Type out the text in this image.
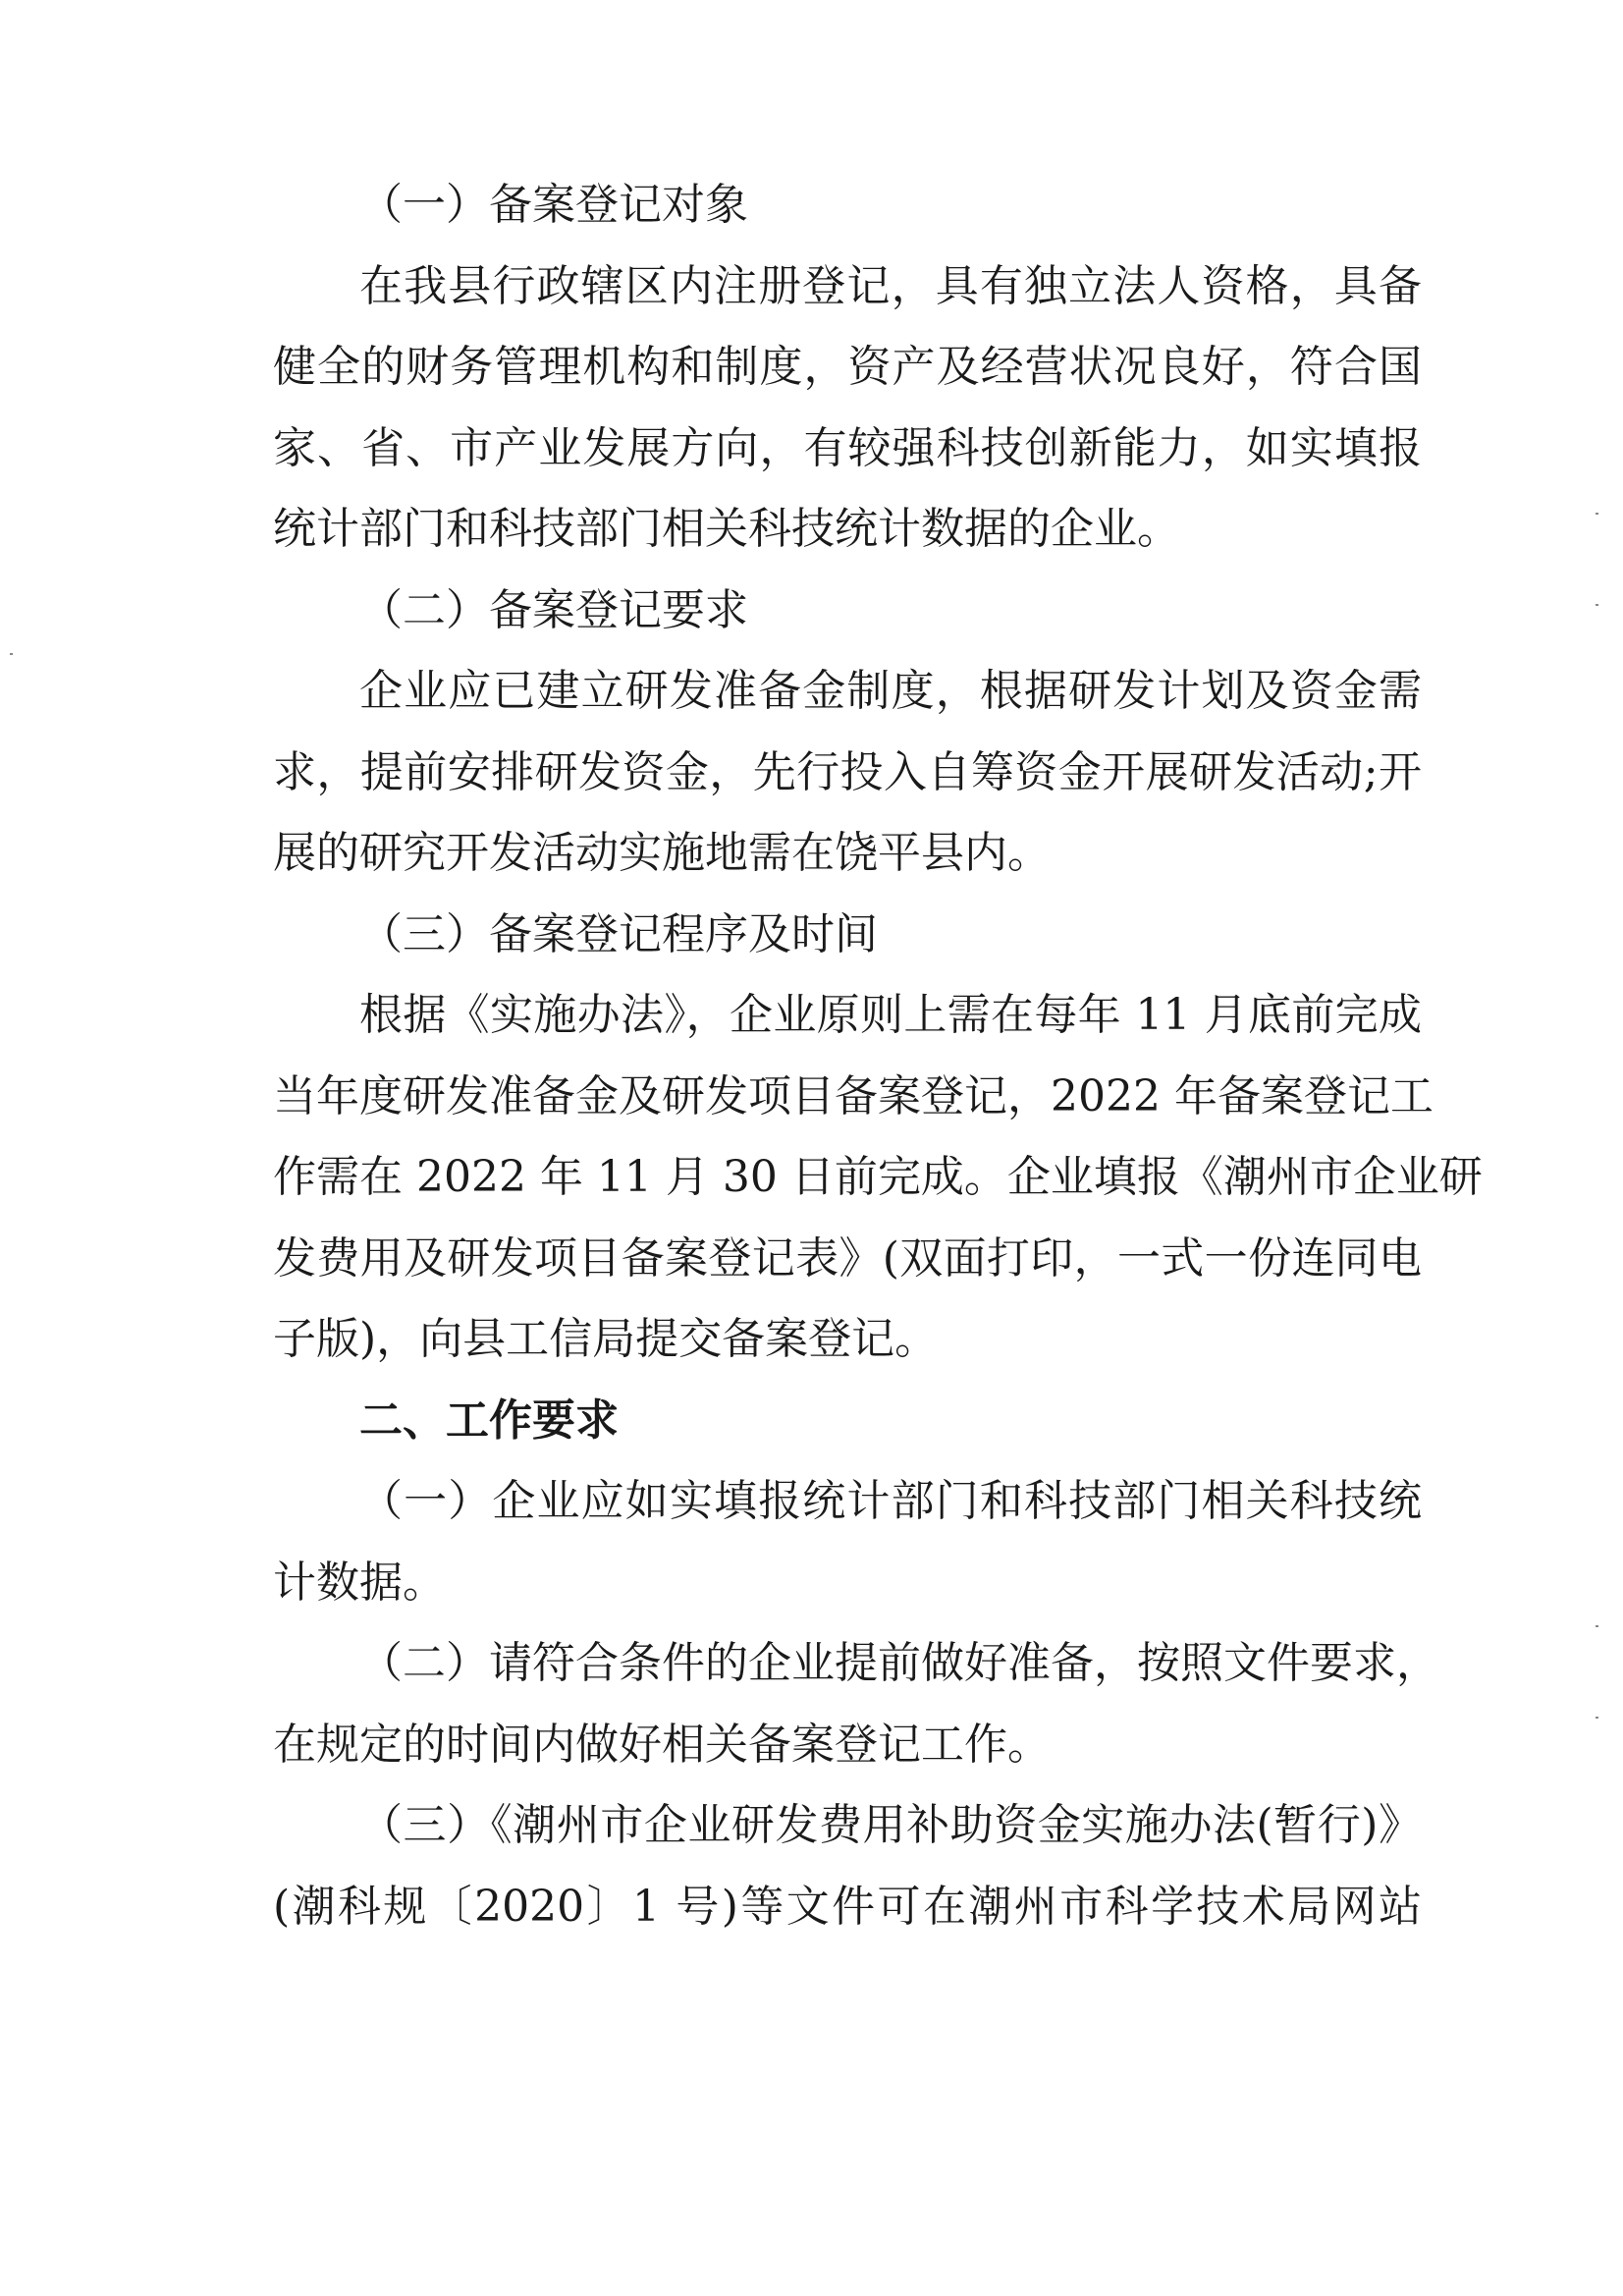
（一）备案登记对象
在我县行政辖区内注册登记，具有独立法人资格，具备
健全的财务管理机构和制度，资产及经营状况良好，符合国
家、省、市产业发展方向，有较强科技创新能力，如实填报
统计部门和科技部门相关科技统计数据的企业。
（二）备案登记要求
企业应已建立研发准备金制度，根据研发计划及资金需
求，提前安排研发资金，先行投入自筹资金开展研发活动;开
展的研究开发活动实施地需在饶平县内。
（三）备案登记程序及时间
根据《实施办法》，企业原则上需在每年 11 月底前完成
当年度研发准备金及研发项目备案登记，2022 年备案登记工
作需在 2022 年 11 月 30 日前完成。企业填报《潮州市企业研
发费用及研发项目备案登记表》(双面打印，一式一份连同电
子版)，向县工信局提交备案登记。
二、工作要求
（一）企业应如实填报统计部门和科技部门相关科技统
计数据。
（二）请符合条件的企业提前做好准备，按照文件要求，
在规定的时间内做好相关备案登记工作。
（三）《潮州市企业研发费用补助资金实施办法(暂行)》
(潮科规〔2020〕1 号)等文件可在潮州市科学技术局网站
